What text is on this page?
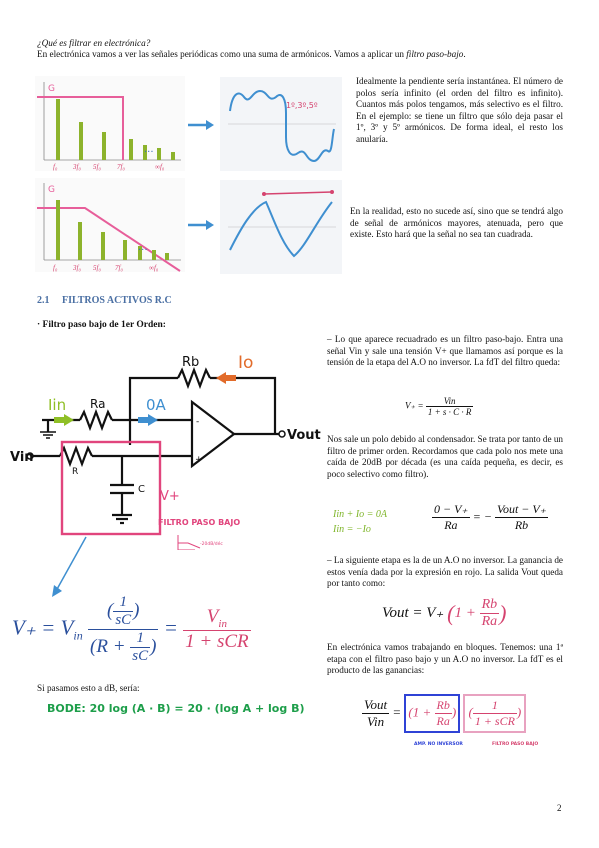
¿Qué es filtrar en electrónica?
En electrónica vamos a ver las señales periódicas como una suma de armónicos. Vamos a aplicar un filtro paso-bajo.
G
...
f₀ 3f₀ 5f₀ 7f₀	∞f₀
1º,3º,5º
G
...
f₀ 3f₀ 5f₀ 7f₀	∞f₀
Idealmente la pendiente sería instantánea. El número de polos sería infinito (el orden del filtro es infinito). Cuantos más polos tengamos, más selectivo es el filtro. En el ejemplo: se tiene un filtro que sólo deja pasar el 1º, 3º y 5º armónicos. De forma ideal, el resto los anularía.
En la realidad, esto no sucede así, sino que se tendrá algo de señal de armónicos mayores, atenuada, pero que existe. Esto hará que la señal no sea tan cuadrada.
2.1 FILTROS ACTIVOS R.C
· Filtro paso bajo de 1er Orden:
Rb Io
Iin Ra	0A
-
+
Vout
Vin
R
C V+
FILTRO PASO BAJO
-20dB/déc
$V_+ = V_{in} \frac{( \frac{1}{sC} )}{(R + \frac{1}{sC} )} = \frac{V_{in}}{\text{1 + sCR}}$
Si pasamos esto a dB, sería:
BODE: 20 log (A · B) = 20 · (log A + log B)
– Lo que aparece recuadrado es un filtro paso-bajo. Entra una señal Vin y sale una tensión V+ que llamamos así porque es la tensión de la etapa del A.O no inversor. La fdT del filtro queda:
$V_+ = \frac{\text{Vin}}{1 + s \cdot C \cdot R}$
Nos sale un polo debido al condensador. Se trata por tanto de un filtro de primer orden. Recordamos que cada polo nos mete una caída de 20dB por década (es una caída pequeña, es decir, es poco selectivo como filtro).
Iin + Io = 0A
Iin = −Io	$\frac{0 - V_+}{Ra}$ = − $\frac{\text{Vout − V₊}}{Rb}$
– La siguiente etapa es la de un A.O no inversor. La ganancia de estos venía dada por la expresión en rojo. La salida Vout queda por tanto como:
Vout = V₊ ($1 + \frac{Rb}{Ra}$ )
En electrónica vamos trabajando en bloques. Tenemos: una 1ª etapa con el filtro paso bajo y un A.O no inversor. La fdT es el producto de las ganancias:
$\frac{\text{Vout}}{\text{Vin}} = (1 + \frac{Rb}{Ra}$ ) ( $\frac{1}{\text{1 + sCR}}$ )
AMP. NO INVERSOR	FILTRO PASO BAJO
2
